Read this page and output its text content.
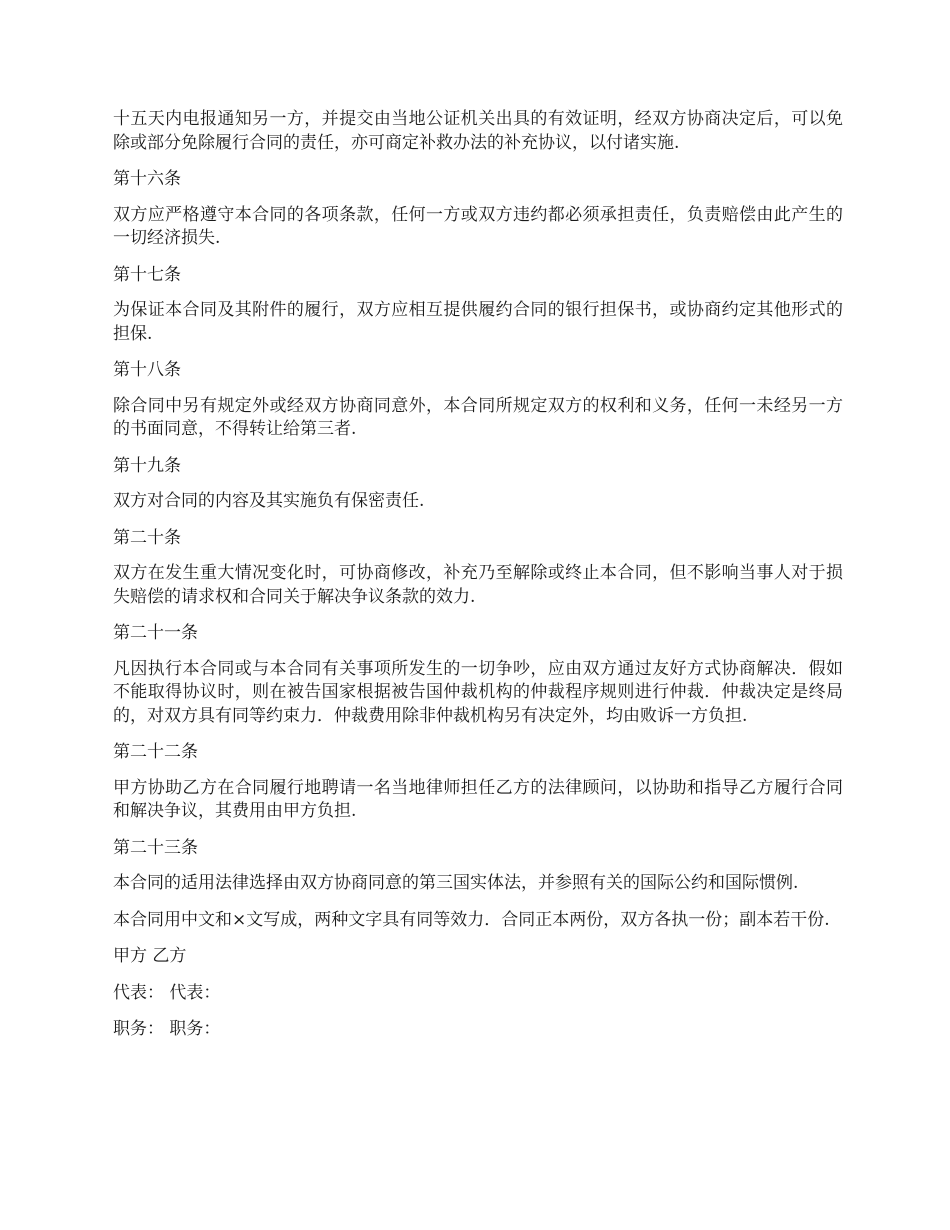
十五天内电报通知另一方，并提交由当地公证机关出具的有效证明，经双方协商决定后，可以免除或部分免除履行合同的责任，亦可商定补救办法的补充协议，以付诸实施.

第十六条

双方应严格遵守本合同的各项条款，任何一方或双方违约都必须承担责任，负责赔偿由此产生的一切经济损失.

第十七条

为保证本合同及其附件的履行，双方应相互提供履约合同的银行担保书，或协商约定其他形式的担保.

第十八条

除合同中另有规定外或经双方协商同意外，本合同所规定双方的权利和义务，任何一未经另一方的书面同意，不得转让给第三者.

第十九条

双方对合同的内容及其实施负有保密责任.

第二十条

双方在发生重大情况变化时，可协商修改，补充乃至解除或终止本合同，但不影响当事人对于损失赔偿的请求权和合同关于解决争议条款的效力.

第二十一条

凡因执行本合同或与本合同有关事项所发生的一切争吵，应由双方通过友好方式协商解决．假如不能取得协议时，则在被告国家根据被告国仲裁机构的仲裁程序规则进行仲裁．仲裁决定是终局的，对双方具有同等约束力．仲裁费用除非仲裁机构另有决定外，均由败诉一方负担.

第二十二条

甲方协助乙方在合同履行地聘请一名当地律师担任乙方的法律顾问，以协助和指导乙方履行合同和解决争议，其费用由甲方负担.

第二十三条

本合同的适用法律选择由双方协商同意的第三国实体法，并参照有关的国际公约和国际惯例.

本合同用中文和×文写成，两种文字具有同等效力．合同正本两份，双方各执一份；副本若干份.

甲方 乙方

代表： 代表：

职务： 职务：
